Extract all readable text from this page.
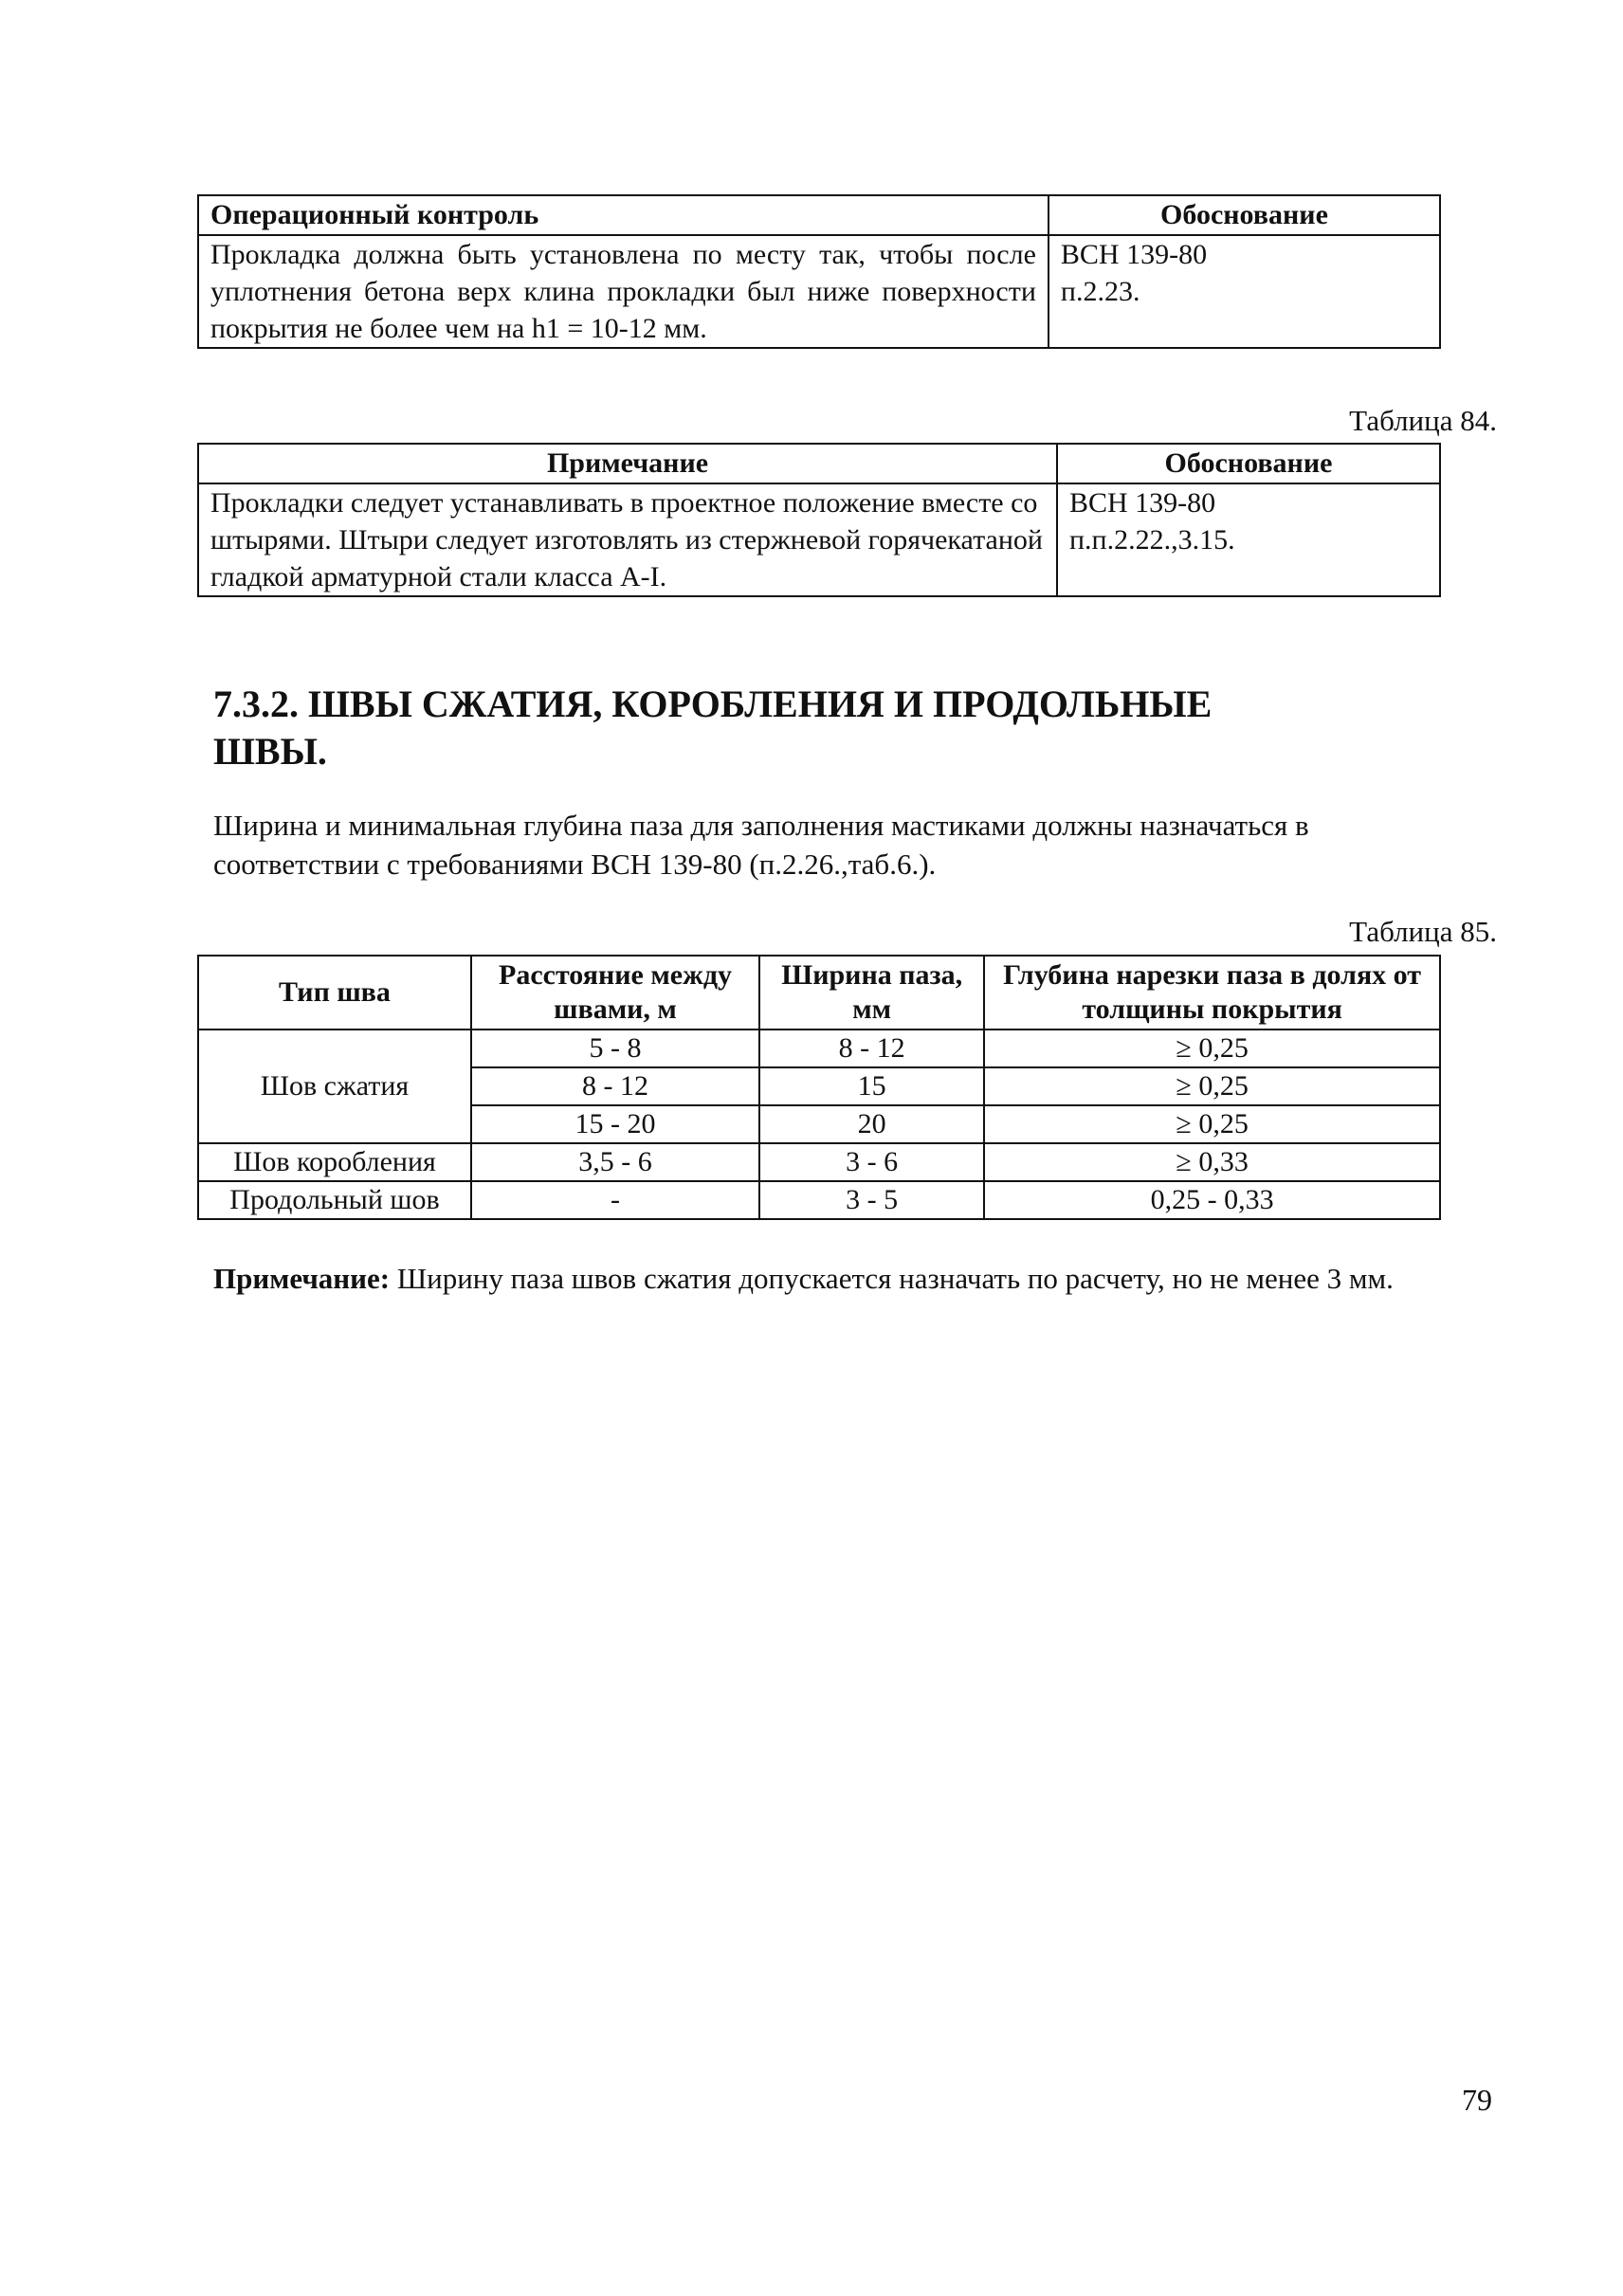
Операционный контроль	Обоснование
Прокладка должна быть установлена по месту так, чтобы после уплотнения бетона верх клина прокладки был ниже поверхности покрытия не более чем на h1 = 10-12 мм.	ВСН 139-80
п.2.23.
Таблица 84.
Примечание	Обоснование
Прокладки следует устанавливать в проектное положение вместе со штырями. Штыри следует изготовлять из стержневой горячекатаной гладкой арматурной стали класса А-I.	ВСН 139-80
п.п.2.22.,3.15.
7.3.2. ШВЫ СЖАТИЯ, КОРОБЛЕНИЯ И ПРОДОЛЬНЫЕ ШВЫ.

Ширина и минимальная глубина паза для заполнения мастиками должны назначаться в соответствии с требованиями ВСН 139-80 (п.2.26.,таб.6.).

Таблица 85.
Тип шва	Расстояние между швами, м	Ширина паза, мм	Глубина нарезки паза в долях от толщины покрытия
Шов сжатия	5 - 8	8 - 12	≥ 0,25
	8 - 12	15	≥ 0,25
	15 - 20	20	≥ 0,25
Шов коробления	3,5 - 6	3 - 6	≥ 0,33
Продольный шов	-	3 - 5	0,25 - 0,33

Примечание: Ширину паза швов сжатия допускается назначать по расчету, но не менее 3 мм.

79
